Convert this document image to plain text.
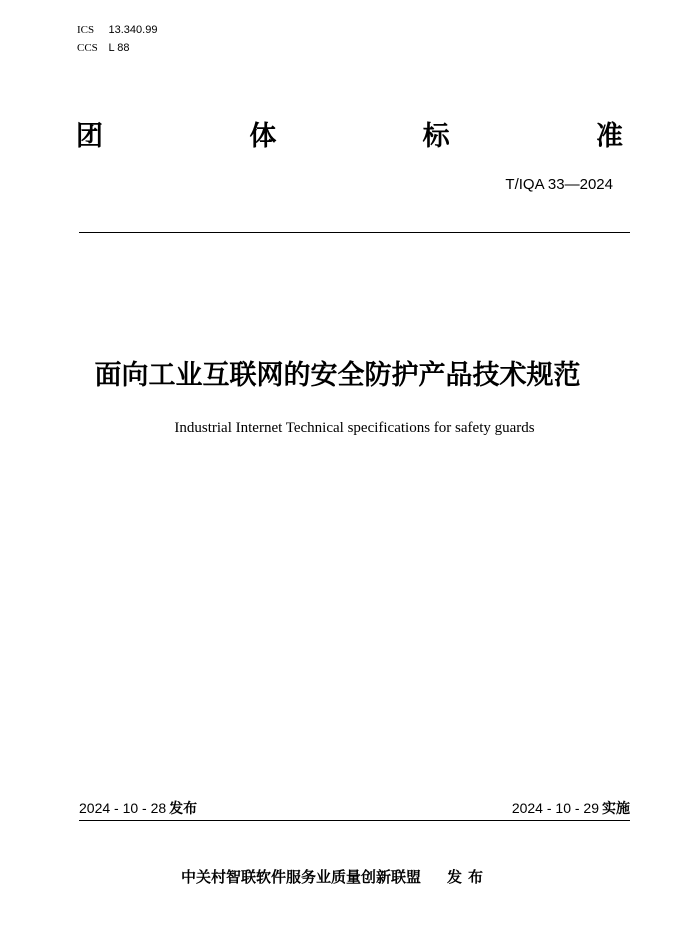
ICS 13.340.99
CCS L 88
团	体	标	准
T/IQA 33—2024
面向工业互联网的安全防护产品技术规范
Industrial Internet Technical specifications for safety guards
2024 - 10 - 28 发布	2024 - 10 - 29 实施
中关村智联软件服务业质量创新联盟 发布
